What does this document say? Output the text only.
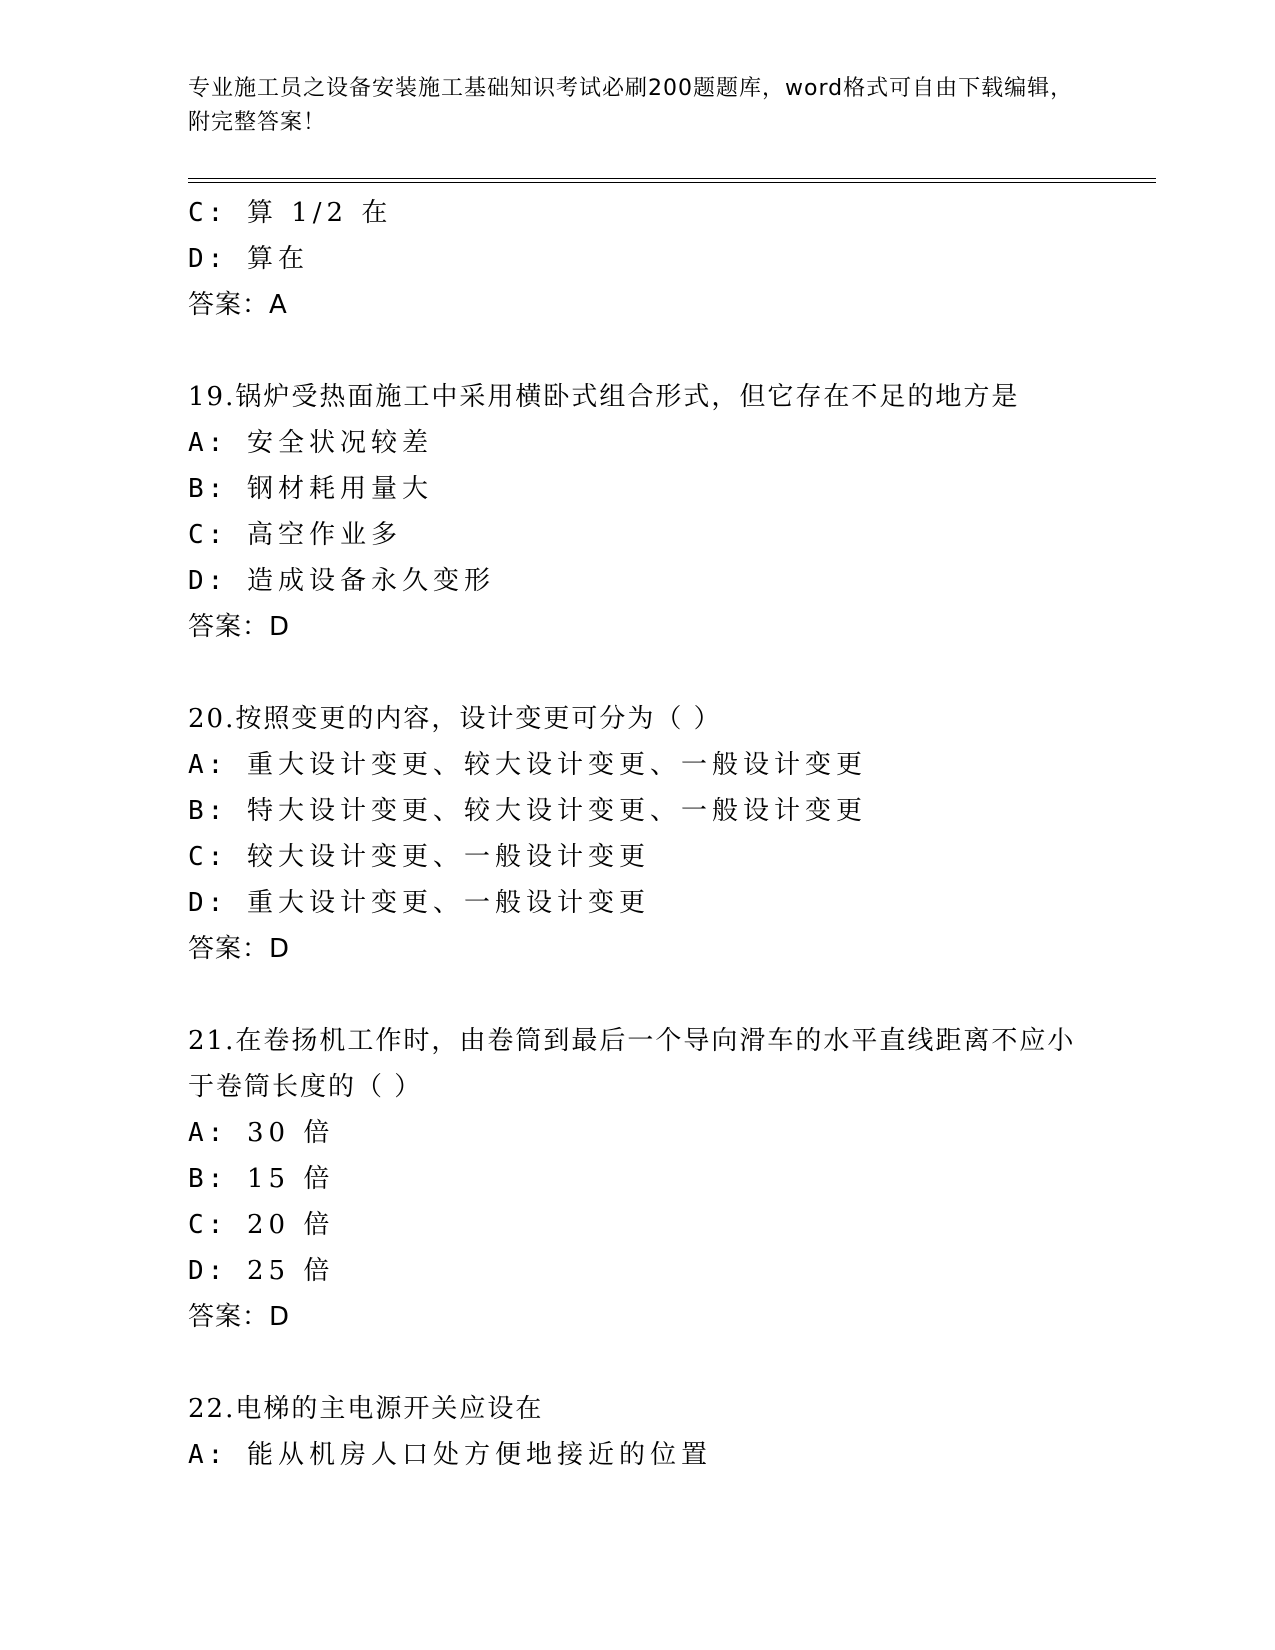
专业施工员之设备安装施工基础知识考试必刷200题题库，word格式可自由下载编辑，附完整答案！
C: 算 1/2 在
D: 算在
答案：A
19.锅炉受热面施工中采用横卧式组合形式，但它存在不足的地方是
A: 安全状况较差
B: 钢材耗用量大
C: 高空作业多
D: 造成设备永久变形
答案：D
20.按照变更的内容，设计变更可分为（ ）
A: 重大设计变更、较大设计变更、一般设计变更
B: 特大设计变更、较大设计变更、一般设计变更
C: 较大设计变更、一般设计变更
D: 重大设计变更、一般设计变更
答案：D
21.在卷扬机工作时，由卷筒到最后一个导向滑车的水平直线距离不应小于卷筒长度的（ ）
A: 30 倍
B: 15 倍
C: 20 倍
D: 25 倍
答案：D
22.电梯的主电源开关应设在
A: 能从机房人口处方便地接近的位置
